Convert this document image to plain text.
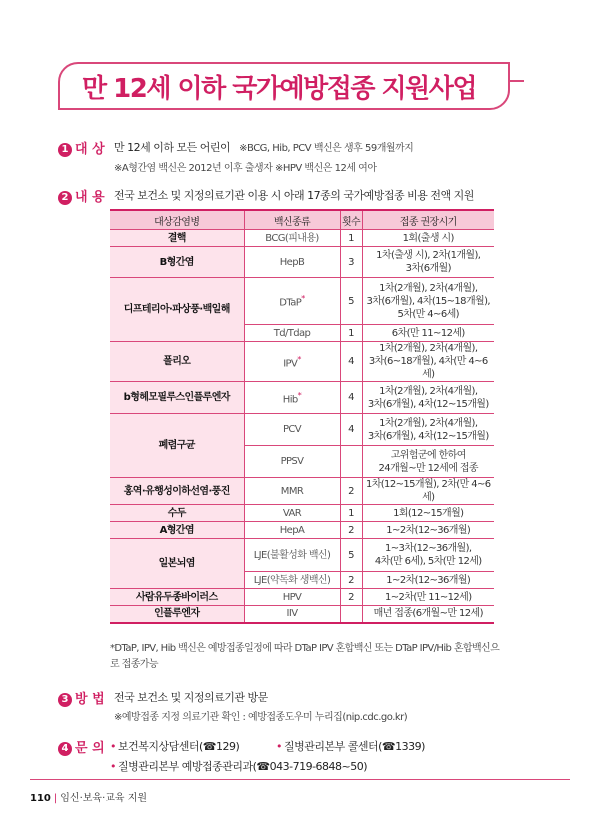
만 12세 이하 국가예방접종 지원사업
1 대 상 만 12세 이하 모든 어린이 ※BCG, Hib, PCV 백신은 생후 59개월까지
※A형간염 백신은 2012년 이후 출생자 ※HPV 백신은 12세 여아
2 내 용 전국 보건소 및 지정의료기관 이용 시 아래 17종의 국가예방접종 비용 전액 지원
대상감염병	백신종류	횟수	접종 권장시기
결핵	BCG(피내용)	1	1회(출생 시)

B형간염	HepB	3	1차(출생 시), 2차(1개월),
3차(6개월)

디프테리아·파상풍·백일해	DTaP*	5	1차(2개월), 2차(4개월),
3차(6개월), 4차(15~18개월),
5차(만 4~6세)

	Td/Tdap	1	6차(만 11~12세)

폴리오	IPV*	4	1차(2개월), 2차(4개월),
3차(6~18개월), 4차(만 4~6세)

b형헤모필루스인플루엔자	Hib*	4	1차(2개월), 2차(4개월),
3차(6개월), 4차(12~15개월)

폐렴구균	PCV	4	1차(2개월), 2차(4개월),
3차(6개월), 4차(12~15개월)

	PPSV		고위험군에 한하여
24개월~만 12세에 접종

홍역·유행성이하선염·풍진	MMR	2	1차(12~15개월), 2차(만 4~6세)

수두	VAR	1	1회(12~15개월)

A형간염	HepA	2	1~2차(12~36개월)

일본뇌염	LJE(불활성화 백신)	5	1~3차(12~36개월),
4차(만 6세), 5차(만 12세)

	LJE(약독화 생백신)	2	1~2차(12~36개월)

사람유두종바이러스	HPV	2	1~2차(만 11~12세)

인플루엔자	IIV		매년 접종(6개월~만 12세)
*DTaP, IPV, Hib 백신은 예방접종일정에 따라 DTaP IPV 혼합백신 또는 DTaP IPV/Hib 혼합백신으로 접종가능
3 방 법 전국 보건소 및 지정의료기관 방문
※예방접종 지정 의료기관 확인 : 예방접종도우미 누리집(nip.cdc.go.kr)
4 문 의 • 보건복지상담센터(☎129)	• 질병관리본부 콜센터(☎1339)
• 질병관리본부 예방접종관리과(☎043-719-6848~50)
110 | 임신·보육·교육 지원
